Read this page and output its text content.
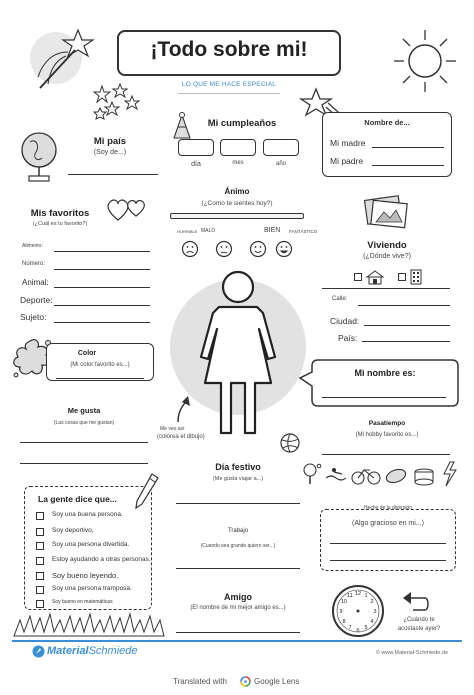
¡Todo sobre mi!
LO QUE ME HACE ESPECIAL
Mi país
(Soy de...)
Mi cumpleaños
día	mes	año
Nombre de...
Mi madre
Mi padre
Ánimo
(¿Como te sientes hoy?)
HORRIBLE MALO	BIEN FANTÁSTICO
Mis favoritos
(¿Cuál es tu favorito?)
Alimento:
Número:
Animal:
Deporte:
Sujeto:
Viviendo
(¿Dónde vive?)
Calle:
Ciudad:
País:
Color
(Mi color favorito es...)
Mi nombre es:
Me gusta
(Las cosas que me gustan)
Me veo así
(colorea el dibujo)
Pasatiempo
(Mi hobby favorito es...)
Día festivo
(Me gusta viajar a...)
Trabajo
(Cuando sea grande quiero ser...)
Amigo
(El nombre de mi mejor amigo es...)
La gente dice que...
Soy una buena persona.
Soy deportivo,
Soy una persona divertida.
Estoy ayudando a otras personas.
Soy bueno leyendo.
Soy una persona tramposa.
Soy bueno en matemáticas
Hecho de la diversión
(Algo gracioso en mi...)
12 1
2
3
4
5
6
7
8
9
10
11
¿Cuándo te
acostaste ayer?
MaterialSchmiede	© www.Material-Schmiede.de
Translated with	Google Lens
